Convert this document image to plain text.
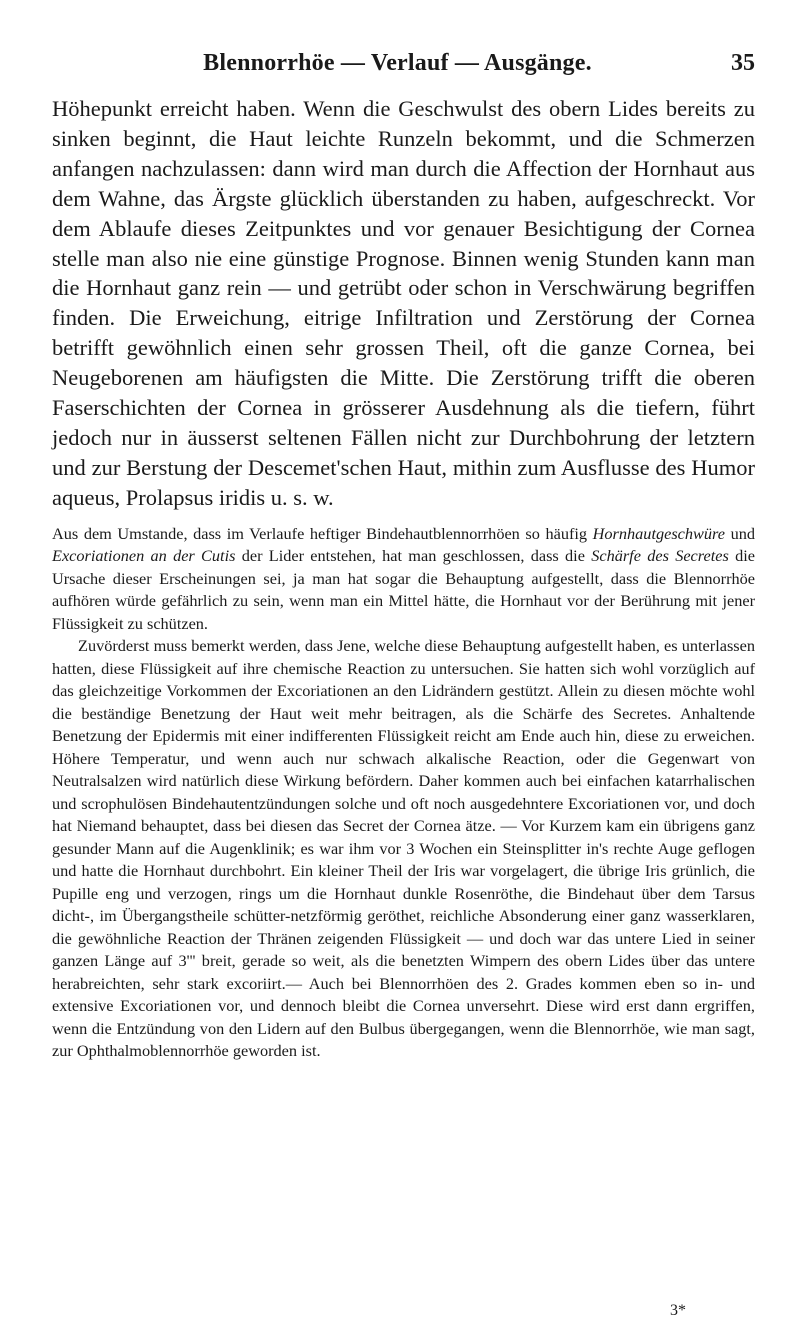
Blennorrhöe — Verlauf — Ausgänge.	35

Höhepunkt erreicht haben. Wenn die Geschwulst des obern Lides bereits zu sinken beginnt, die Haut leichte Runzeln bekommt, und die Schmerzen anfangen nachzulassen: dann wird man durch die Affection der Hornhaut aus dem Wahne, das Ärgste glücklich überstanden zu haben, aufgeschreckt. Vor dem Ablaufe dieses Zeitpunktes und vor genauer Besichtigung der Cornea stelle man also nie eine günstige Prognose. Binnen wenig Stunden kann man die Hornhaut ganz rein — und getrübt oder schon in Verschwärung begriffen finden. Die Erweichung, eitrige Infiltration und Zerstörung der Cornea betrifft gewöhnlich einen sehr grossen Theil, oft die ganze Cornea, bei Neugeborenen am häufigsten die Mitte. Die Zerstörung trifft die oberen Faserschichten der Cornea in grösserer Ausdehnung als die tiefern, führt jedoch nur in äusserst seltenen Fällen nicht zur Durchbohrung der letztern und zur Berstung der Descemet'schen Haut, mithin zum Ausflusse des Humor aqueus, Prolapsus iridis u. s. w.

Aus dem Umstande, dass im Verlaufe heftiger Bindehautblennorrhöen so häufig Hornhautgeschwüre und Excoriationen an der Cutis der Lider entstehen, hat man geschlossen, dass die Schärfe des Secretes die Ursache dieser Erscheinungen sei, ja man hat sogar die Behauptung aufgestellt, dass die Blennorrhöe aufhören würde gefährlich zu sein, wenn man ein Mittel hätte, die Hornhaut vor der Berührung mit jener Flüssigkeit zu schützen.

Zuvörderst muss bemerkt werden, dass Jene, welche diese Behauptung aufgestellt haben, es unterlassen hatten, diese Flüssigkeit auf ihre chemische Reaction zu untersuchen. Sie hatten sich wohl vorzüglich auf das gleichzeitige Vorkommen der Excoriationen an den Lidrändern gestützt. Allein zu diesen möchte wohl die beständige Benetzung der Haut weit mehr beitragen, als die Schärfe des Secretes. Anhaltende Benetzung der Epidermis mit einer indifferenten Flüssigkeit reicht am Ende auch hin, diese zu erweichen. Höhere Temperatur, und wenn auch nur schwach alkalische Reaction, oder die Gegenwart von Neutralsalzen wird natürlich diese Wirkung befördern. Daher kommen auch bei einfachen katarrhalischen und scrophulösen Bindehautentzündungen solche und oft noch ausgedehntere Excoriationen vor, und doch hat Niemand behauptet, dass bei diesen das Secret der Cornea ätze. — Vor Kurzem kam ein übrigens ganz gesunder Mann auf die Augenklinik; es war ihm vor 3 Wochen ein Steinsplitter in's rechte Auge geflogen und hatte die Hornhaut durchbohrt. Ein kleiner Theil der Iris war vorgelagert, die übrige Iris grünlich, die Pupille eng und verzogen, rings um die Hornhaut dunkle Rosenröthe, die Bindehaut über dem Tarsus dicht-, im Übergangstheile schütter-netzförmig geröthet, reichliche Absonderung einer ganz wasserklaren, die gewöhnliche Reaction der Thränen zeigenden Flüssigkeit — und doch war das untere Lied in seiner ganzen Länge auf 3''' breit, gerade so weit, als die benetzten Wimpern des obern Lides über das untere herabreichten, sehr stark excoriirt.— Auch bei Blennorrhöen des 2. Grades kommen eben so in- und extensive Excoriationen vor, und dennoch bleibt die Cornea unversehrt. Diese wird erst dann ergriffen, wenn die Entzündung von den Lidern auf den Bulbus übergegangen, wenn die Blennorrhöe, wie man sagt, zur Ophthalmoblennorrhöe geworden ist.

3*
